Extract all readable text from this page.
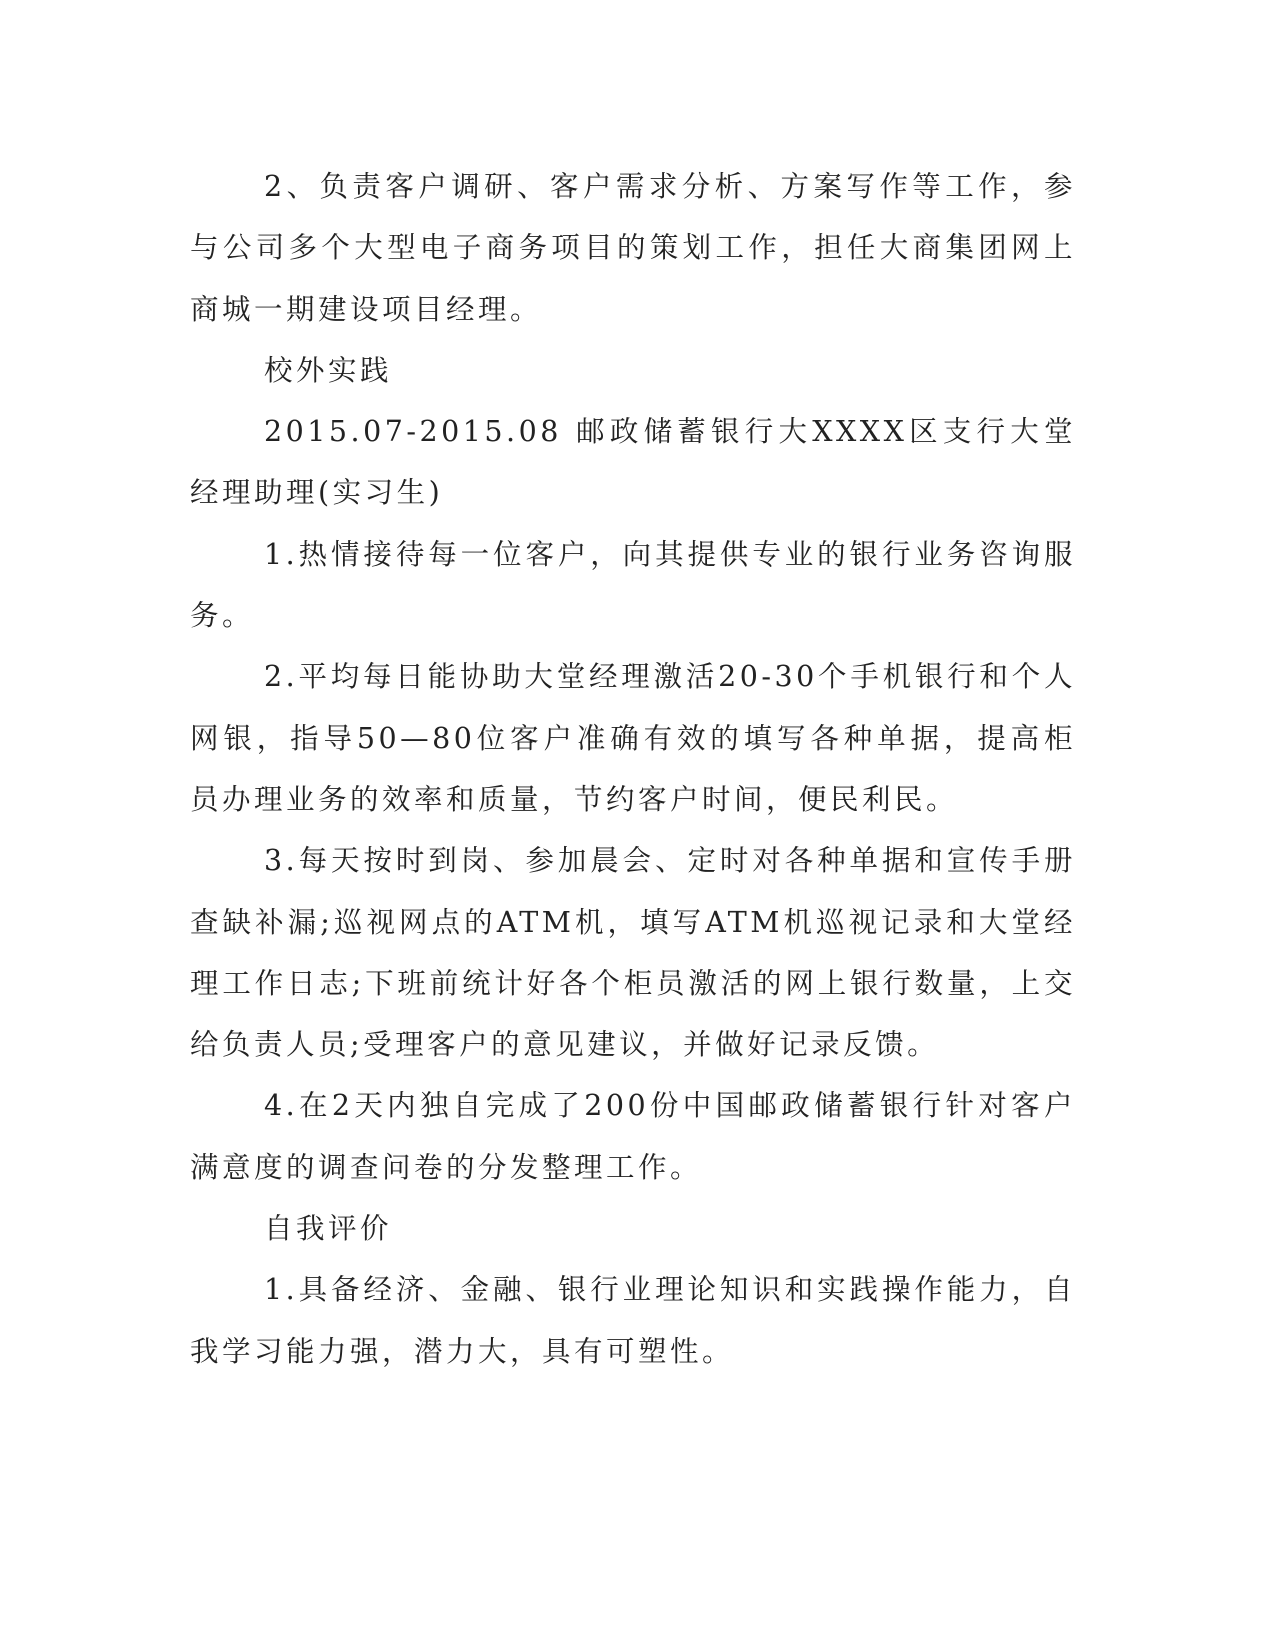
2、负责客户调研、客户需求分析、方案写作等工作，参与公司多个大型电子商务项目的策划工作，担任大商集团网上商城一期建设项目经理。

校外实践

2015.07-2015.08 邮政储蓄银行大XXXX区支行大堂经理助理(实习生)

1.热情接待每一位客户，向其提供专业的银行业务咨询服务。

2.平均每日能协助大堂经理激活20-30个手机银行和个人网银，指导50—80位客户准确有效的填写各种单据，提高柜员办理业务的效率和质量，节约客户时间，便民利民。

3.每天按时到岗、参加晨会、定时对各种单据和宣传手册查缺补漏;巡视网点的ATM机，填写ATM机巡视记录和大堂经理工作日志;下班前统计好各个柜员激活的网上银行数量，上交给负责人员;受理客户的意见建议，并做好记录反馈。

4.在2天内独自完成了200份中国邮政储蓄银行针对客户满意度的调查问卷的分发整理工作。

自我评价

1.具备经济、金融、银行业理论知识和实践操作能力，自我学习能力强，潜力大，具有可塑性。
